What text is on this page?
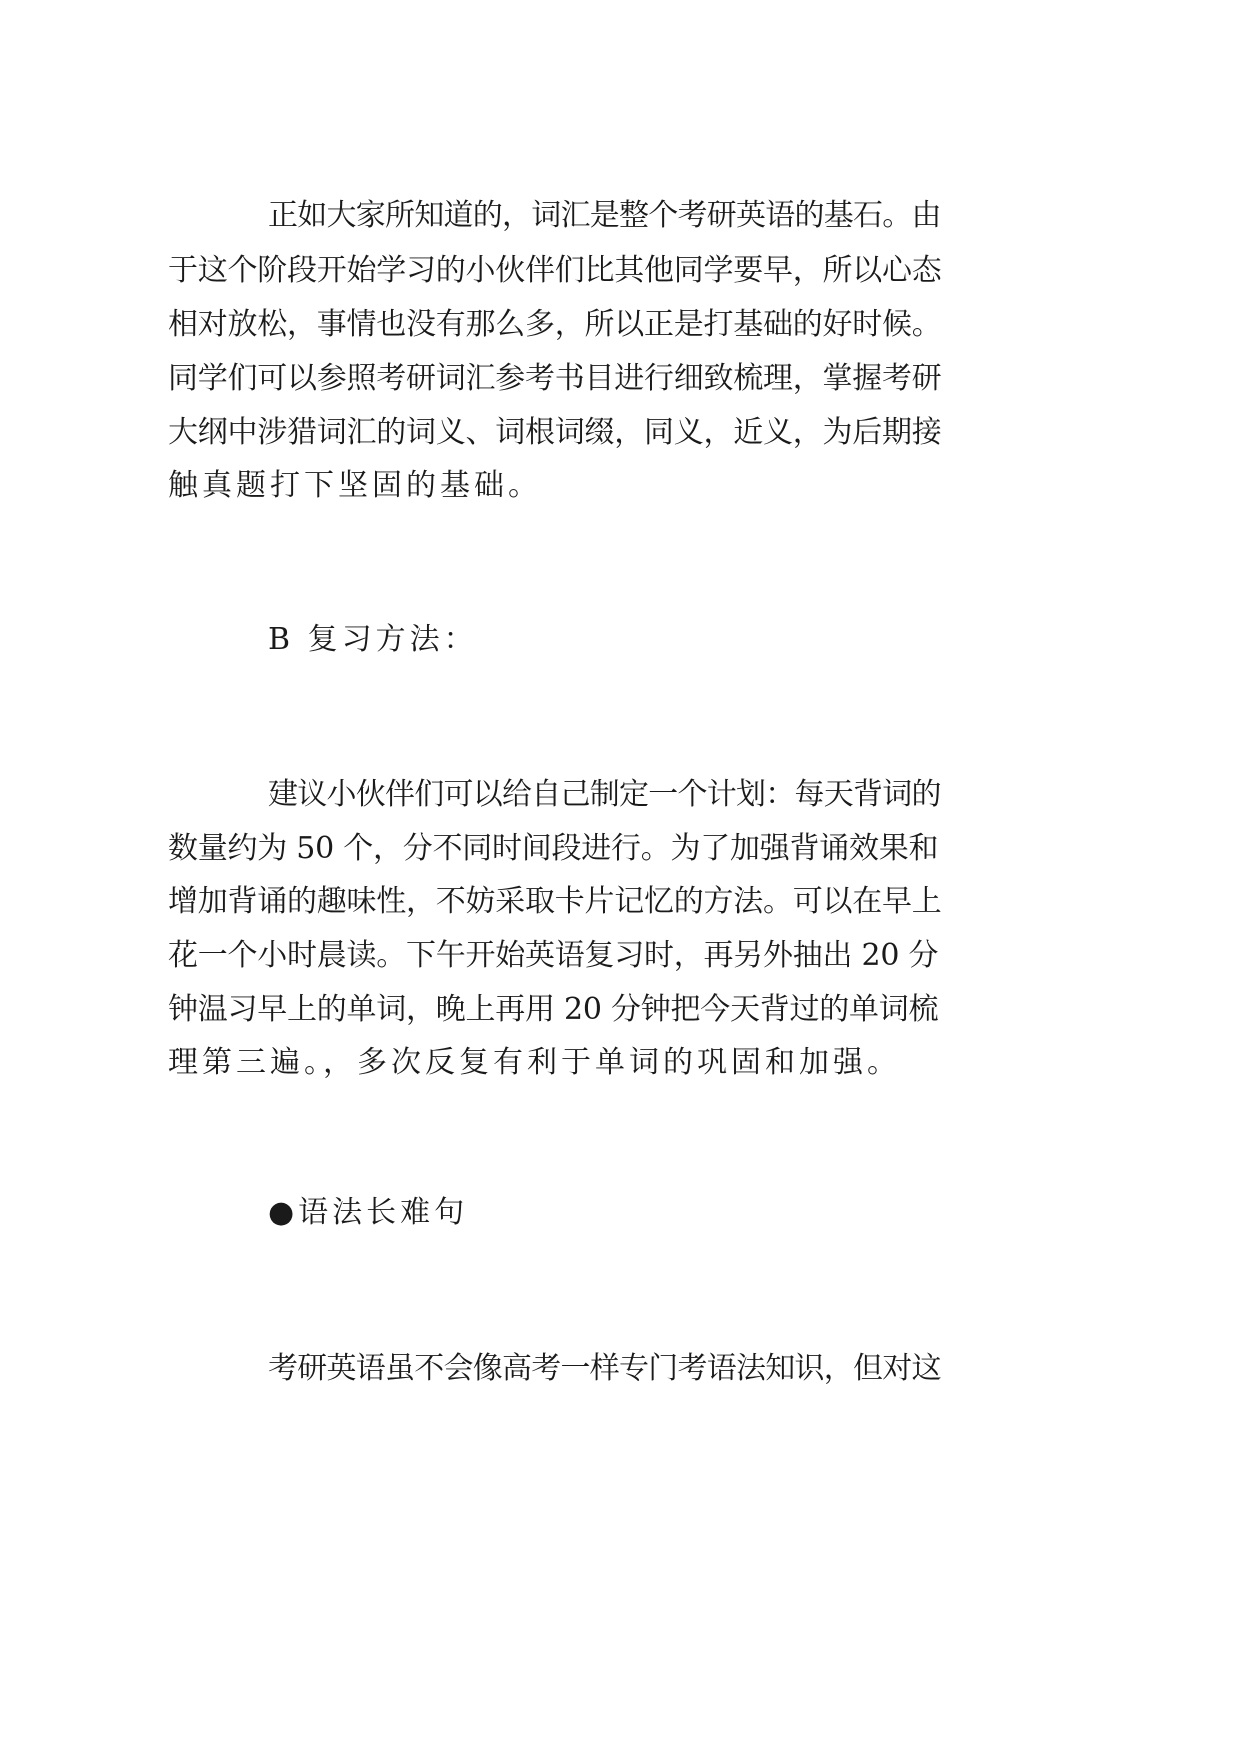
正如大家所知道的，词汇是整个考研英语的基石。由
于这个阶段开始学习的小伙伴们比其他同学要早，所以心态
相对放松，事情也没有那么多，所以正是打基础的好时候。
同学们可以参照考研词汇参考书目进行细致梳理，掌握考研
大纲中涉猎词汇的词义、词根词缀，同义，近义，为后期接
触真题打下坚固的基础。
B 复习方法：
建议小伙伴们可以给自己制定一个计划：每天背词的
数量约为 50 个，分不同时间段进行。为了加强背诵效果和
增加背诵的趣味性，不妨采取卡片记忆的方法。可以在早上
花一个小时晨读。下午开始英语复习时，再另外抽出 20 分
钟温习早上的单词，晚上再用 20 分钟把今天背过的单词梳
理第三遍。，多次反复有利于单词的巩固和加强。
●语法长难句
考研英语虽不会像高考一样专门考语法知识，但对这
